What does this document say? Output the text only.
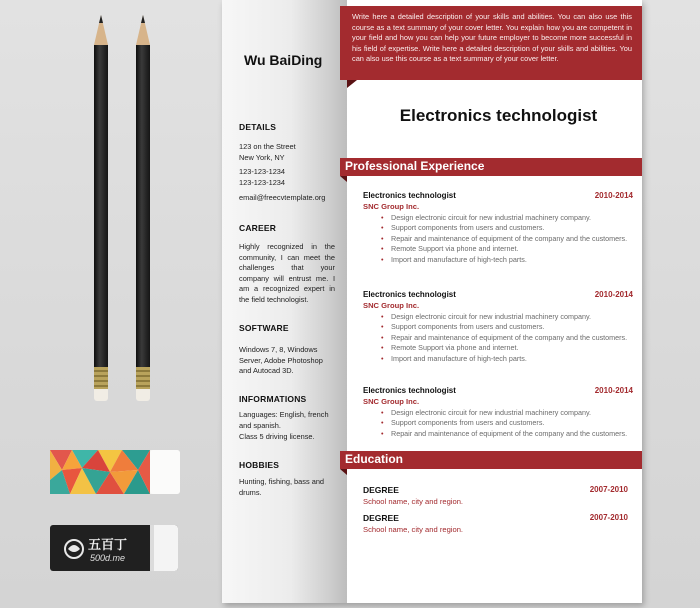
五百丁
500d.me
Wu BaiDing
DETAILS
123 on the Street
New York, NY
123-123-1234
123-123-1234
email@freecvtemplate.org
CAREER
Highly recognized in the community, I can meet the challenges that your company will entrust me. I am a recognized expert in the field technologist.
SOFTWARE
Windows 7, 8, Windows Server, Adobe Photoshop and Autocad 3D.
INFORMATIONS
Languages: English, french and spanish.
Class 5 driving license.
HOBBIES
Hunting, fishing, bass and drums.
Write here a detailed description of your skills and abilities. You can also use this course as a text summary of your cover letter. You explain how you are competent in your field and how you can help your future employer to become more successful in his field of expertise. Write here a detailed description of your skills and abilities. You can also use this course as a text summary of your cover letter.
Electronics technologist
Professional Experience
Electronics technologist	2010-2014
SNC Group Inc.
• Design electronic circuit for new industrial machinery company.
• Support components from users and customers.
• Repair and maintenance of equipment of the company and the customers.
• Remote Support via phone and internet.
• Import and manufacture of high-tech parts.
Electronics technologist	2010-2014
SNC Group Inc.
• Design electronic circuit for new industrial machinery company.
• Support components from users and customers.
• Repair and maintenance of equipment of the company and the customers.
• Remote Support via phone and internet.
• Import and manufacture of high-tech parts.
Electronics technologist	2010-2014
SNC Group Inc.
• Design electronic circuit for new industrial machinery company.
• Support components from users and customers.
• Repair and maintenance of equipment of the company and the customers.
Education
DEGREE	2007-2010
School name, city and region.
DEGREE	2007-2010
School name, city and region.
